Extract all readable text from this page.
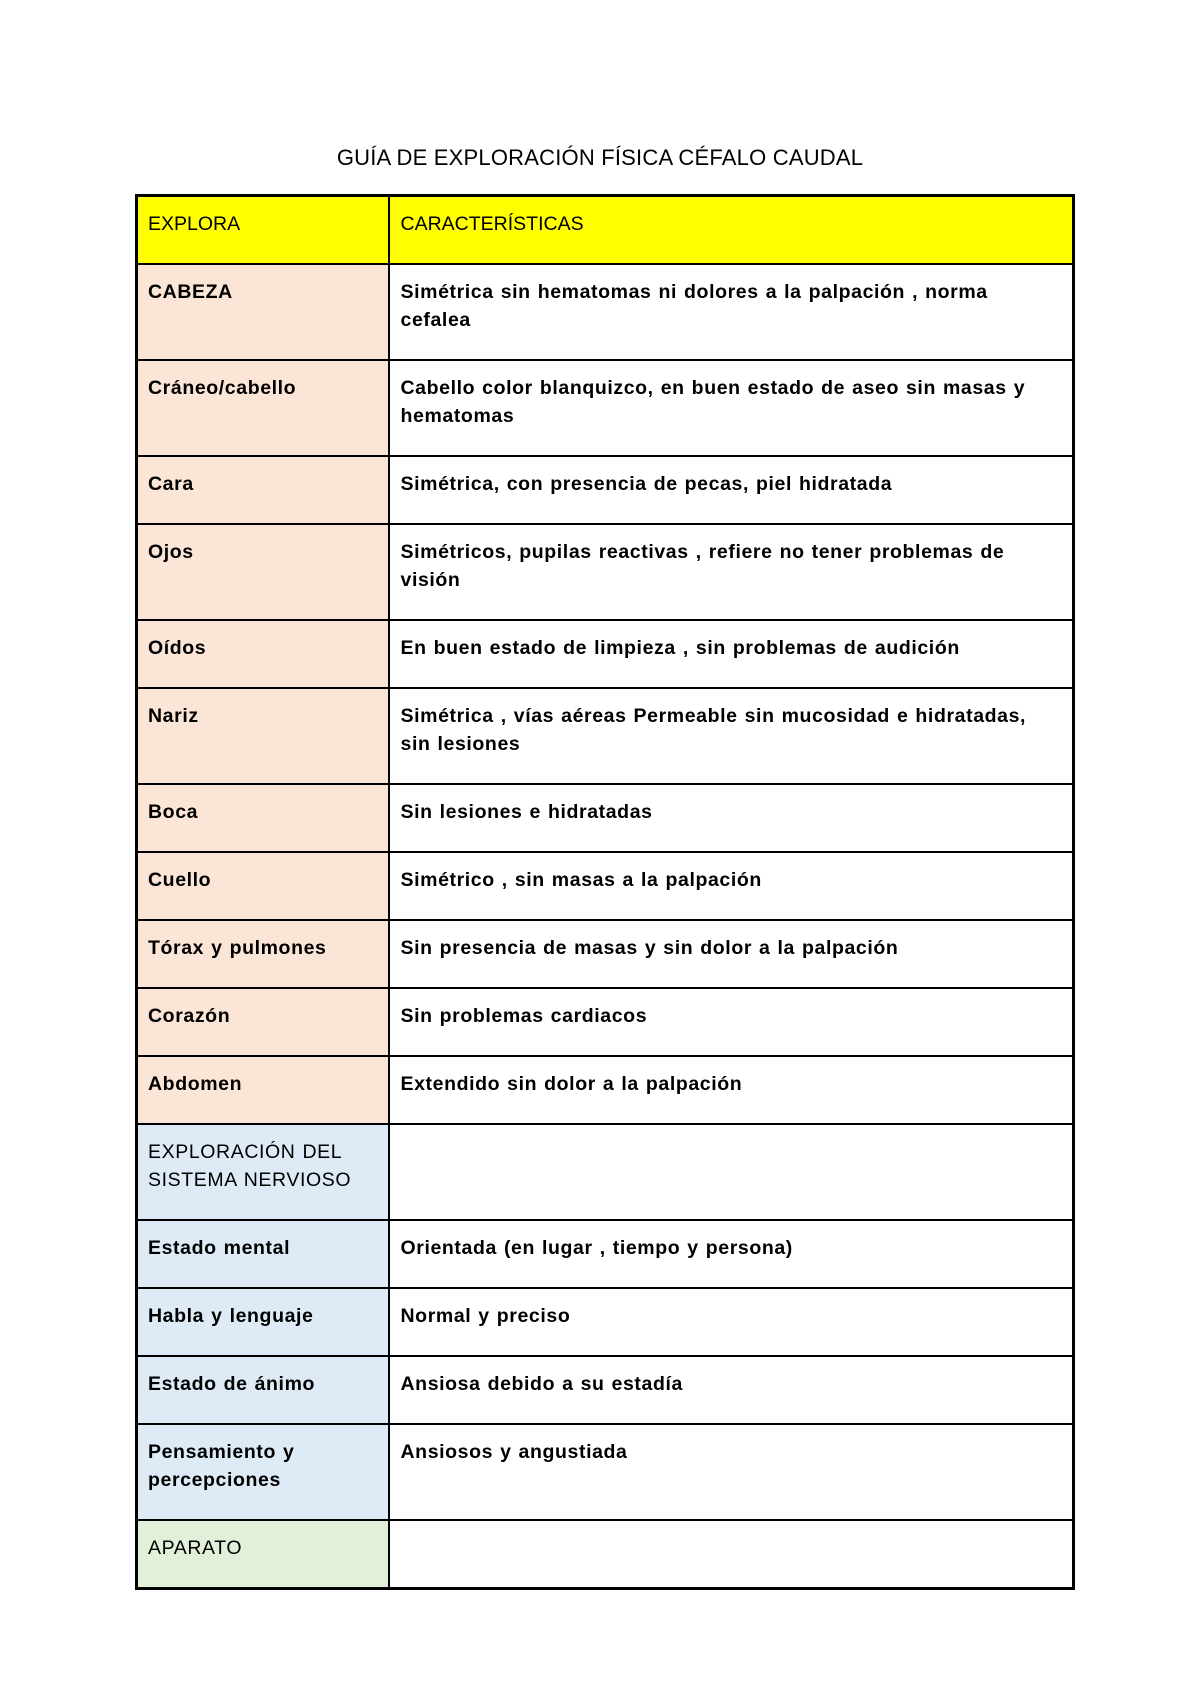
GUÍA DE EXPLORACIÓN FÍSICA CÉFALO CAUDAL
EXPLORA	CARACTERÍSTICAS
CABEZA	Simétrica sin hematomas ni dolores a la palpación , norma cefalea
Cráneo/cabello	Cabello color blanquizco, en buen estado de aseo sin masas y hematomas
Cara	Simétrica, con presencia de pecas, piel hidratada
Ojos	Simétricos, pupilas reactivas , refiere no tener problemas de visión
Oídos	En buen estado de limpieza , sin problemas de audición
Nariz	Simétrica , vías aéreas Permeable sin mucosidad e hidratadas, sin lesiones
Boca	Sin lesiones e hidratadas
Cuello	Simétrico , sin masas a la palpación
Tórax y pulmones	Sin presencia de masas y sin dolor a la palpación
Corazón	Sin problemas cardiacos
Abdomen	Extendido sin dolor a la palpación
EXPLORACIÓN DEL SISTEMA NERVIOSO	
Estado mental	Orientada (en lugar , tiempo y persona)
Habla y lenguaje	Normal y preciso
Estado de ánimo	Ansiosa debido a su estadía
Pensamiento y percepciones	Ansiosos y angustiada
APARATO	
